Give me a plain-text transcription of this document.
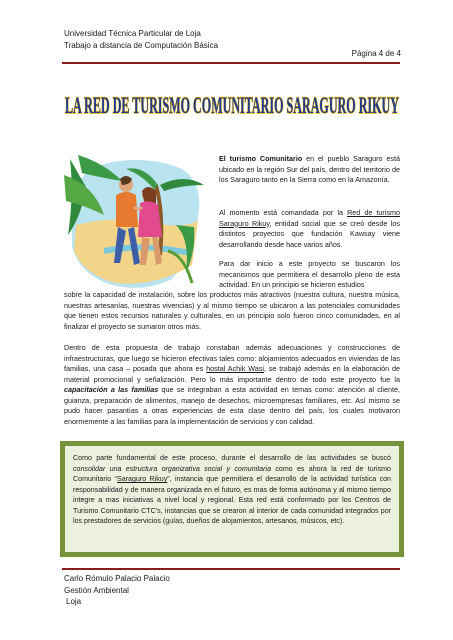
Universidad Técnica Particular de Loja
Trabajo a distancia de Computación Básica
Página 4 de 4
LA RED DE TURISMO COMUNITARIO SARAGURO RIKUY
El turismo Comunitario en el pueblo Saraguro está ubicado en la región Sur del país, dentro del territorio de los Saraguro tanto en la Sierra como en la Amazonía.
Al momento está comandada por la Red de turismo Saraguro Rikuy, entidad social que se creó desde los distintos proyectos que fundación Kawsay viene desarrollando desde hace varios años.
Para dar inicio a este proyecto se buscaron los mecanismos que permitiera el desarrollo pleno de esta actividad. En un principio se hicieron estudios
sobre la capacidad de instalación, sobre los productos más atractivos (nuestra cultura, nuestra música, nuestras artesanías, nuestras vivencias) y al mismo tiempo se ubicaron a las potenciales comunidades que tienen estos recursos naturales y culturales, en un principio solo fueron cinco comunidades, en al finalizar el proyecto se sumaron otros más.
Dentro de esta propuesta de trabajo constaban además adecuaciones y construcciones de infraestructuras, que luego se hicieron efectivas tales como: alojamientos adecuados en viviendas de las familias, una casa – posada que ahora es hostal Achik Wasi, se trabajó además en la elaboración de material promocional y señalización. Pero lo más importante dentro de todo este proyecto fue la capacitación a las familias que se integraban a esta actividad en temas como: atención al cliente, guianza, preparación de alimentos, manejo de desechos, microempresas familiares, etc. Así mismo se pudo hacer pasantías a otras experiencias de esta clase dentro del país, los cuales motivaron enormemente a las familias para la implementación de servicios y con calidad.
Como parte fundamental de este proceso, durante el desarrollo de las actividades se buscó consolidar una estructura organizativa social y comunitaria como es ahora la red de turismo Comunitario “Saraguro Rikuy”, instancia que permitiera el desarrollo de la actividad turística con responsabilidad y de manera organizada en el futuro, es mas de forma autónoma y al mismo tiempo integre a mas iniciativas a nivel local y regional. Esta red está conformado por los Centros de Turismo Comunitario CTC’s, instancias que se crearon al interior de cada comunidad integrados por los prestadores de servicios (guías, dueños de alojamientos, artesanos, músicos, etc).
Carlo Rómulo Palacio Palacio
Gestión Ambiental
Loja
